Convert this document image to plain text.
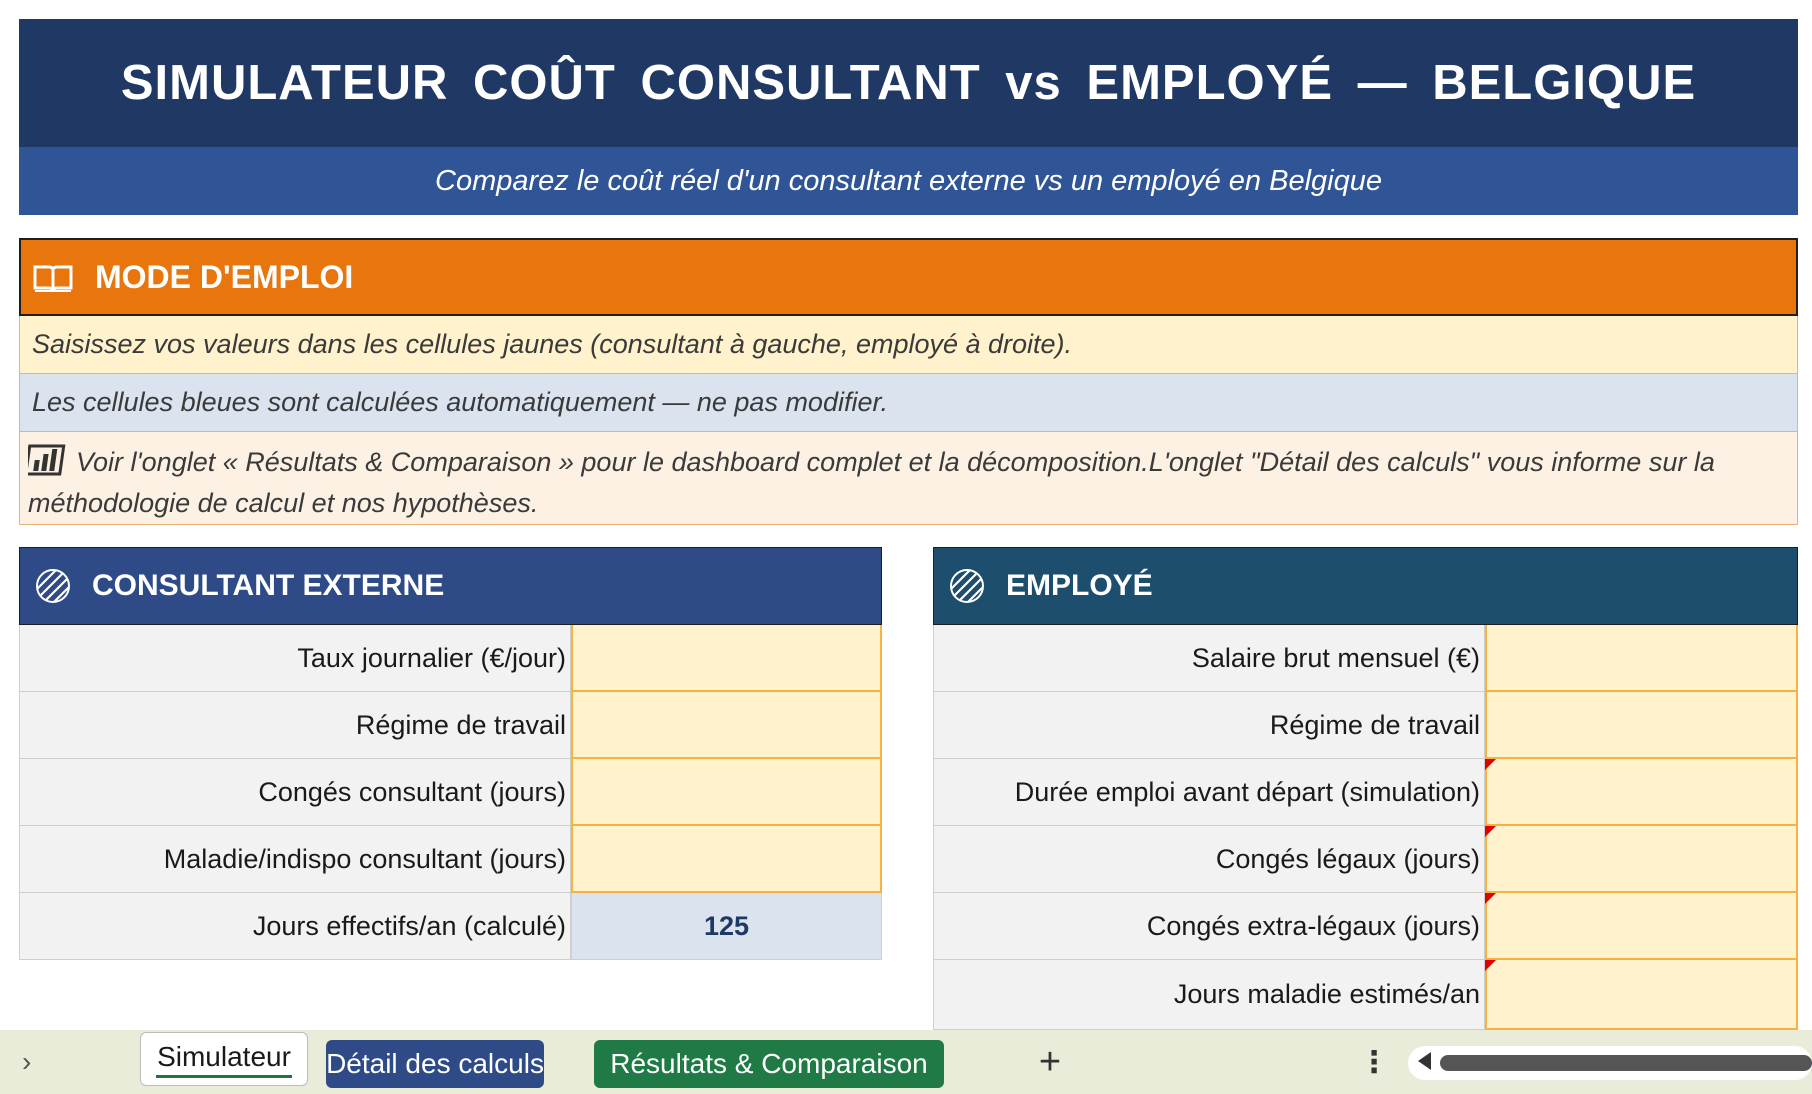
SIMULATEUR COÛT CONSULTANT vs EMPLOYÉ — BELGIQUE
Comparez le coût réel d'un consultant externe vs un employé en Belgique
MODE D'EMPLOI
Saisissez vos valeurs dans les cellules jaunes (consultant à gauche, employé à droite).
Les cellules bleues sont calculées automatiquement — ne pas modifier.
Voir l'onglet « Résultats & Comparaison » pour le dashboard complet et la décomposition.L'onglet "Détail des calculs" vous informe sur la méthodologie de calcul et nos hypothèses.
CONSULTANT EXTERNE
Taux journalier (€/jour)
Régime de travail
Congés consultant (jours)
Maladie/indispo consultant (jours)
Jours effectifs/an (calculé)	125
EMPLOYÉ
Salaire brut mensuel (€)
Régime de travail
Durée emploi avant départ (simulation)
Congés légaux (jours)
Congés extra-légaux (jours)
Jours maladie estimés/an
›	Simulateur Détail des calculs	Résultats & Comparaison	+	⋮
